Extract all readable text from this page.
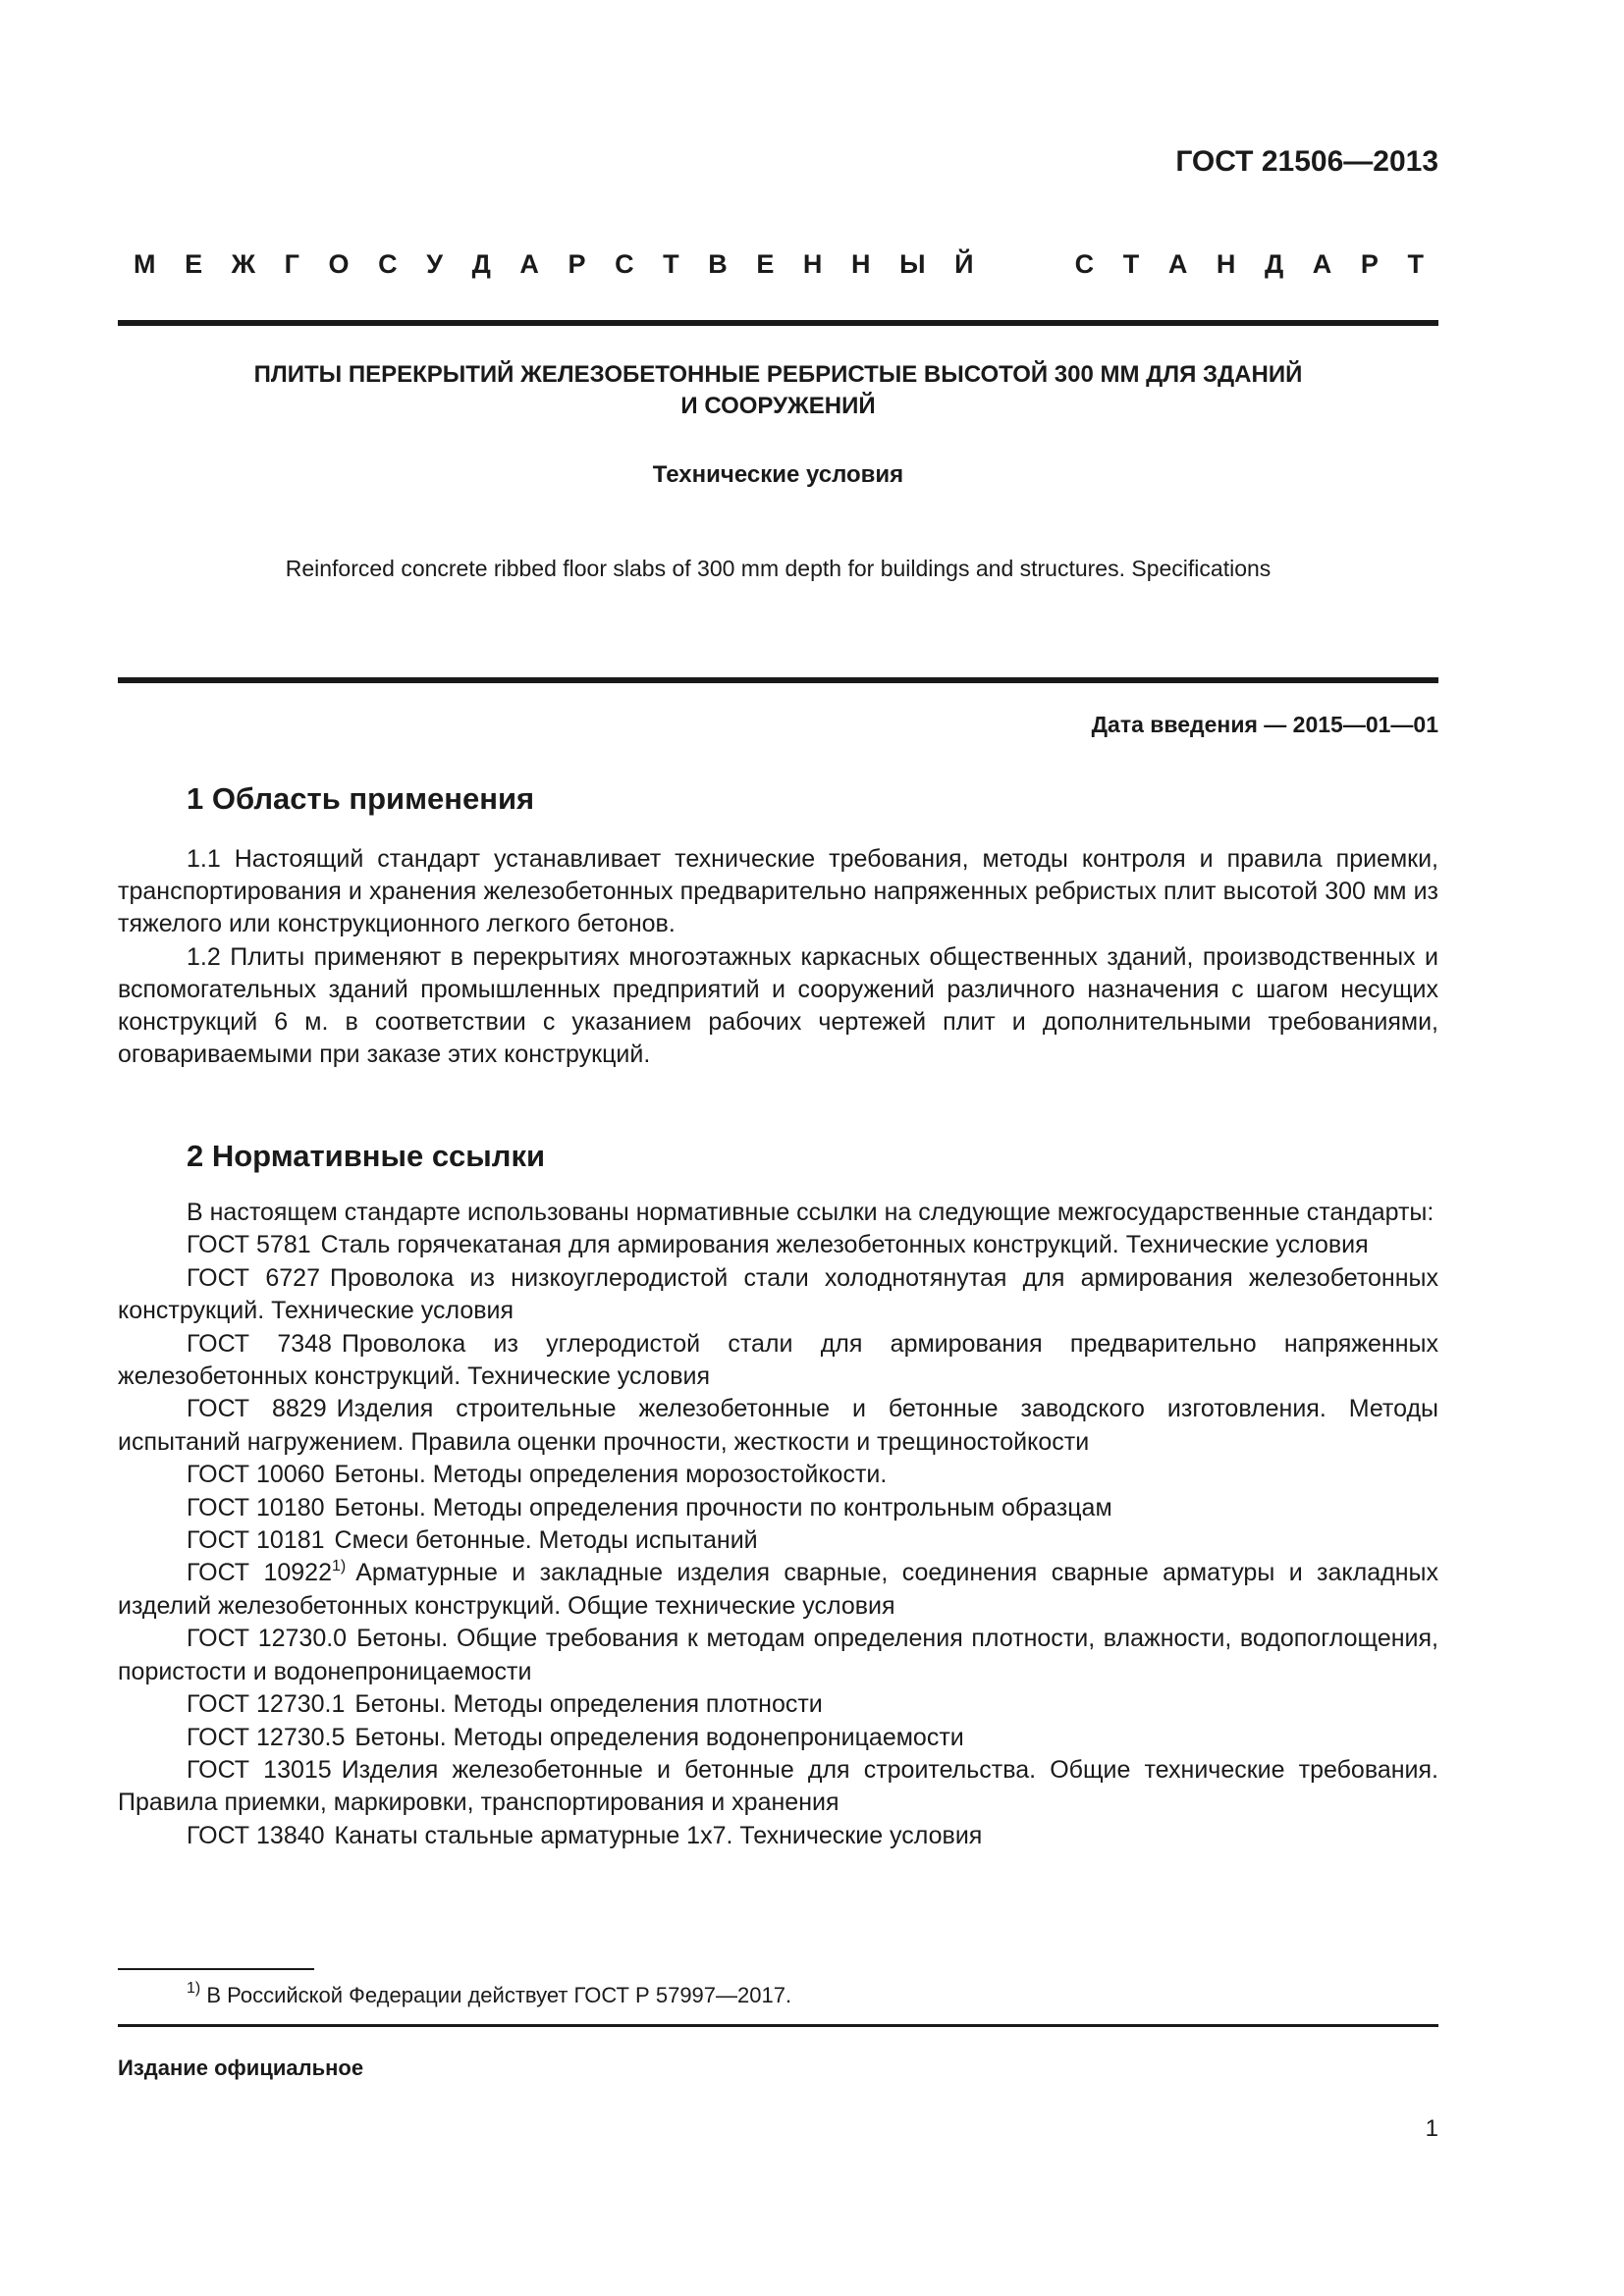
ГОСТ 21506—2013

М Е Ж Г О С У Д А Р С Т В Е Н Н Ы Й	С Т А Н Д А Р Т

ПЛИТЫ ПЕРЕКРЫТИЙ ЖЕЛЕЗОБЕТОННЫЕ РЕБРИСТЫЕ ВЫСОТОЙ 300 ММ ДЛЯ ЗДАНИЙ
И СООРУЖЕНИЙ

Технические условия

Reinforced concrete ribbed floor slabs of 300 mm depth for buildings and structures. Specifications

Дата введения — 2015—01—01

1 Область применения

1.1 Настоящий стандарт устанавливает технические требования, методы контроля и правила приемки, транспортирования и хранения железобетонных предварительно напряженных ребристых плит высотой 300 мм из тяжелого или конструкционного легкого бетонов.

1.2 Плиты применяют в перекрытиях многоэтажных каркасных общественных зданий, производственных и вспомогательных зданий промышленных предприятий и сооружений различного назначения с шагом несущих конструкций 6 м. в соответствии с указанием рабочих чертежей плит и дополнительными требованиями, оговариваемыми при заказе этих конструкций.

2 Нормативные ссылки
В настоящем стандарте использованы нормативные ссылки на следующие межгосударственные стандарты:
ГОСТ 5781 Сталь горячекатаная для армирования железобетонных конструкций. Технические условия
ГОСТ 6727 Проволока из низкоуглеродистой стали холоднотянутая для армирования железобетонных конструкций. Технические условия
ГОСТ 7348 Проволока из углеродистой стали для армирования предварительно напряженных железобетонных конструкций. Технические условия
ГОСТ 8829 Изделия строительные железобетонные и бетонные заводского изготовления. Методы испытаний нагружением. Правила оценки прочности, жесткости и трещиностойкости
ГОСТ 10060 Бетоны. Методы определения морозостойкости.
ГОСТ 10180 Бетоны. Методы определения прочности по контрольным образцам
ГОСТ 10181 Смеси бетонные. Методы испытаний
ГОСТ 10922$^{1)}$ Арматурные и закладные изделия сварные, соединения сварные арматуры и закладных изделий железобетонных конструкций. Общие технические условия
ГОСТ 12730.0 Бетоны. Общие требования к методам определения плотности, влажности, водопоглощения, пористости и водонепроницаемости
ГОСТ 12730.1 Бетоны. Методы определения плотности
ГОСТ 12730.5 Бетоны. Методы определения водонепроницаемости
ГОСТ 13015 Изделия железобетонные и бетонные для строительства. Общие технические требования. Правила приемки, маркировки, транспортирования и хранения
ГОСТ 13840 Канаты стальные арматурные 1х7. Технические условия

$^{1)}$ В Российской Федерации действует ГОСТ Р 57997—2017.

Издание официальное

1
